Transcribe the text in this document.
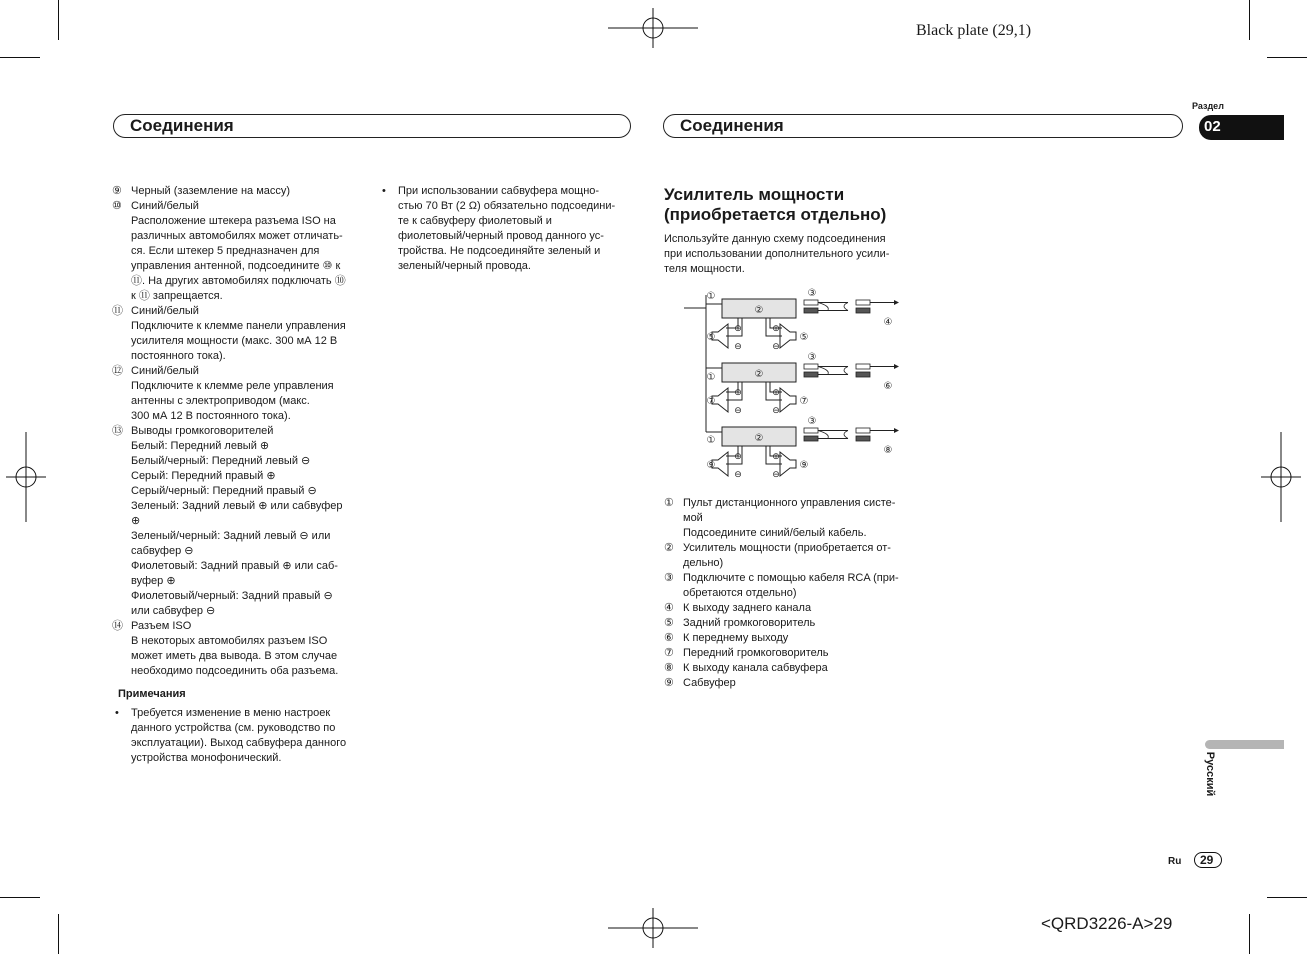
Black plate (29,1)
<QRD3226-A>29
Соединения	Соединения
Раздел
02
Русский
Ru 29
⑨ Черный (заземление на массу)
⑩ Синий/белый
Расположение штекера разъема ISO на
различных автомобилях может отличать-
ся. Если штекер 5 предназначен для
управления антенной, подсоедините ⑩ к
⑪. На других автомобилях подключать ⑩
к ⑪ запрещается.
⑪ Синий/белый
Подключите к клемме панели управления
усилителя мощности (макс. 300 мА 12 В
постоянного тока).
⑫ Синий/белый
Подключите к клемме реле управления
антенны с электроприводом (макс.
300 мА 12 В постоянного тока).
⑬ Выводы громкоговорителей
Белый: Передний левый ⊕
Белый/черный: Передний левый ⊖
Серый: Передний правый ⊕
Серый/черный: Передний правый ⊖
Зеленый: Задний левый ⊕ или сабвуфер
⊕
Зеленый/черный: Задний левый ⊖ или
сабвуфер ⊖
Фиолетовый: Задний правый ⊕ или саб-
вуфер ⊕
Фиолетовый/черный: Задний правый ⊖
или сабвуфер ⊖
⑭ Разъем ISO
В некоторых автомобилях разъем ISO
может иметь два вывода. В этом случае
необходимо подсоединить оба разъема.
Примечания
• Требуется изменение в меню настроек
данного устройства (см. руководство по
эксплуатации). Выход сабвуфера данного
устройства монофонический.
• При использовании сабвуфера мощно-
стью 70 Вт (2 Ω) обязательно подсоедини-
те к сабвуферу фиолетовый и
фиолетовый/черный провод данного ус-
тройства. Не подсоединяйте зеленый и
зеленый/черный провода.
Усилитель мощности
(приобретается отдельно)
Используйте данную схему подсоединения
при использовании дополнительного усили-
теля мощности.
②
①	③
④
⊕	⊕
⊖	⊖
⑤	⑤
②
①
③
⑥
⊕	⊕
⊖	⊖
⑦	⑦
②
①
③
⑧
⊕	⊕
⊖	⊖
⑨	⑨
① Пульт дистанционного управления систе-
мой
Подсоедините синий/белый кабель.
② Усилитель мощности (приобретается от-
дельно)
③ Подключите с помощью кабеля RCA (при-
обретаются отдельно)
④ К выходу заднего канала
⑤ Задний громкоговоритель
⑥ К переднему выходу
⑦ Передний громкоговоритель
⑧ К выходу канала сабвуфера
⑨ Сабвуфер
